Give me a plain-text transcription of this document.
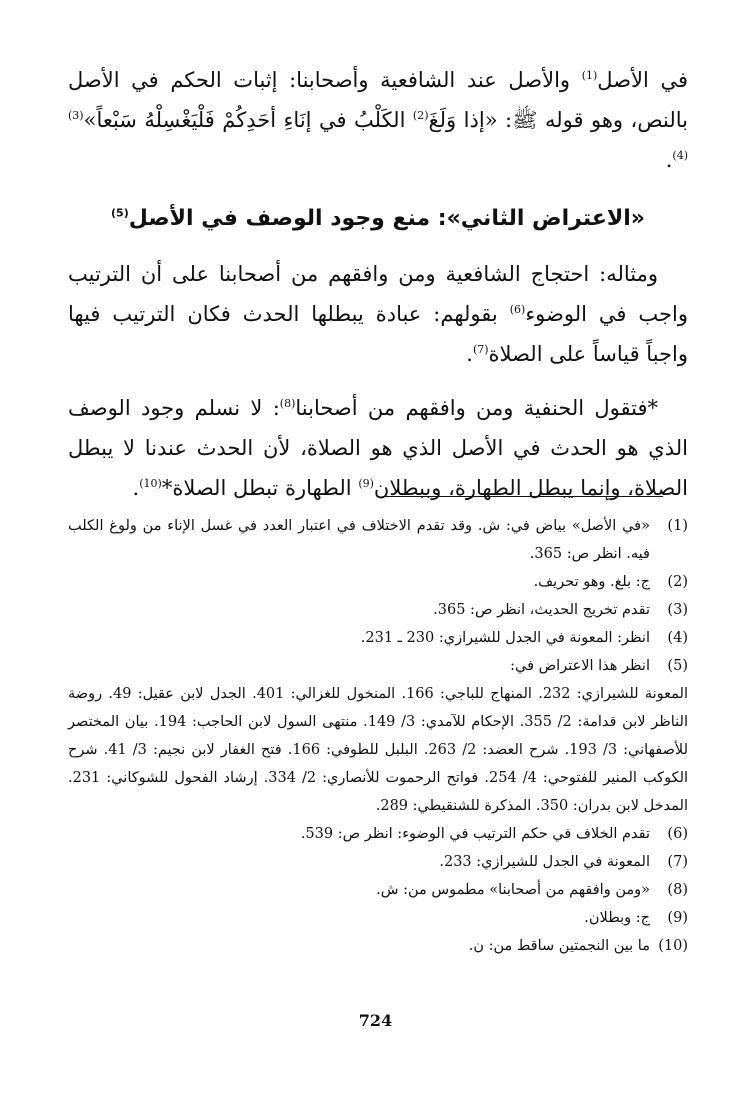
في الأصل$^{(1)}$ والأصل عند الشافعية وأصحابنا: إثبات الحكم في الأصل بالنص، وهو قوله ﷺ: «إذا وَلَغَ$^{(2)}$ الكَلْبُ في إنَاءِ أحَدِكُمْ فَلْيَغْسِلْهُ سَبْعاً»$^{(3)(4)}$.

«الاعتراض الثاني»: منع وجود الوصف في الأصل$^{(5)}$

ومثاله: احتجاج الشافعية ومن وافقهم من أصحابنا على أن الترتيب واجب في الوضوء$^{(6)}$ بقولهم: عبادة يبطلها الحدث فكان الترتيب فيها واجباً قياساً على الصلاة$^{(7)}$.

*فتقول الحنفية ومن وافقهم من أصحابنا$^{(8)}$: لا نسلم وجود الوصف الذي هو الحدث في الأصل الذي هو الصلاة، لأن الحدث عندنا لا يبطل الصلاة، وإنما يبطل الطهارة، وببطلان$^{(9)}$ الطهارة تبطل الصلاة*$^{(10)}$.

(1)
«في الأصل» بياض في: ش. وقد تقدم الاختلاف في اعتبار العدد في غسل الإناء من ولوغ الكلب فيه. انظر ص: 365.
(2)
ج: بلغ. وهو تحريف.
(3)
تقدم تخريج الحديث، انظر ص: 365.
(4)
انظر: المعونة في الجدل للشيرازي: 230 ـ 231.
(5)
انظر هذا الاعتراض في:
المعونة للشيرازي: 232. المنهاج للباجي: 166. المنخول للغزالي: 401. الجدل لابن عقيل: 49. روضة الناظر لابن قدامة: 2/ 355. الإحكام للآمدي: 3/ 149. منتهى السول لابن الحاجب: 194. بيان المختصر للأصفهاني: 3/ 193. شرح العضد: 2/ 263. البلبل للطوفي: 166. فتح الغفار لابن نجيم: 3/ 41. شرح الكوكب المنير للفتوحي: 4/ 254. فواتح الرحموت للأنصاري: 2/ 334. إرشاد الفحول للشوكاني: 231. المدخل لابن بدران: 350. المذكرة للشنقيطي: 289.
(6)
تقدم الخلاف في حكم الترتيب في الوضوء: انظر ص: 539.
(7)
المعونة في الجدل للشيرازي: 233.
(8)
«ومن وافقهم من أصحابنا» مطموس من: ش.
(9)
ج: وبطلان.
(10)
ما بين النجمتين ساقط من: ن.
724
